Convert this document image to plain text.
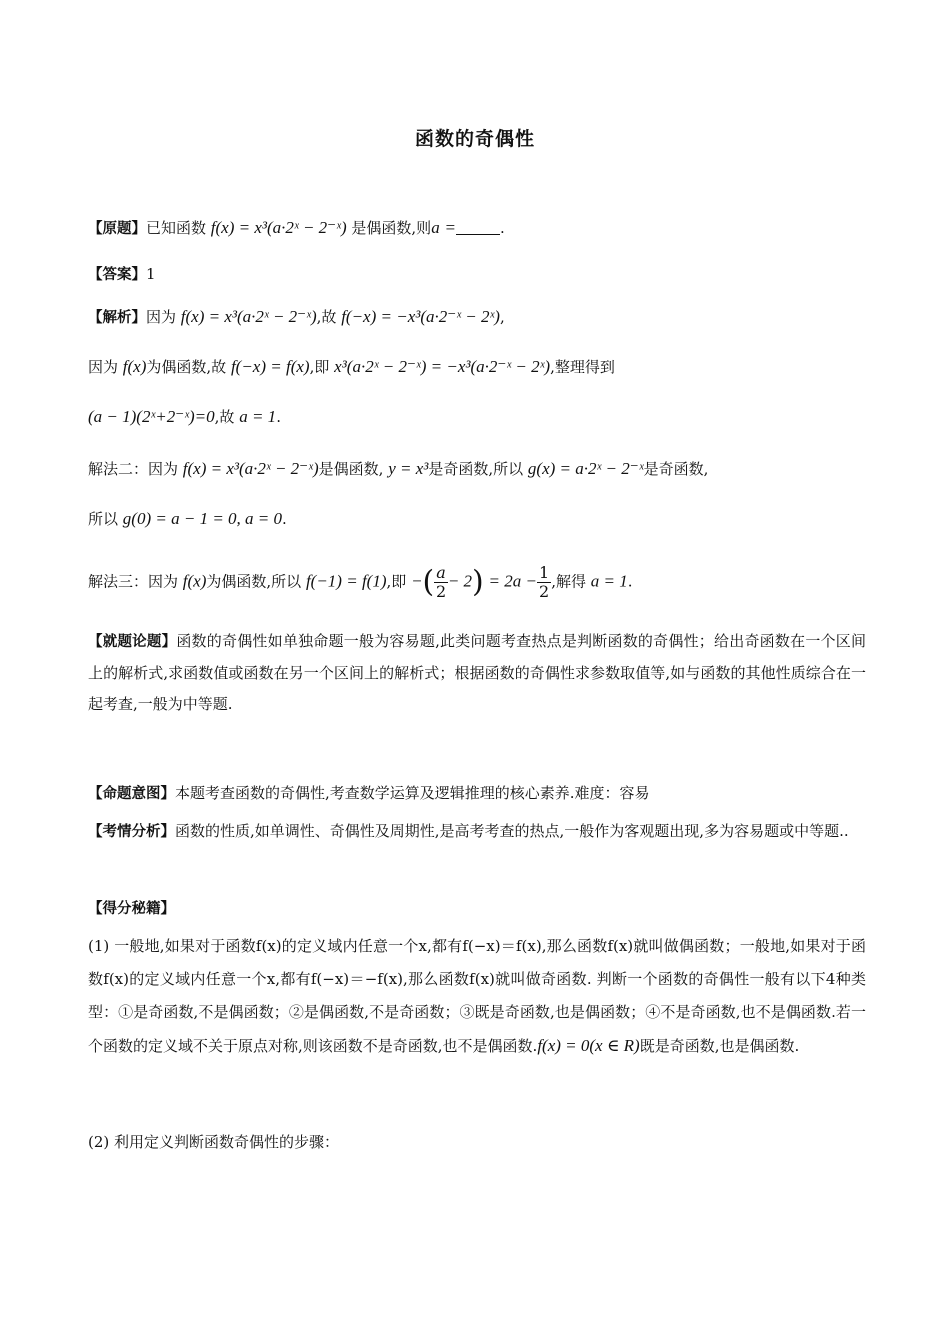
函数的奇偶性
【原题】已知函数 f(x) = x³(a·2ˣ − 2⁻ˣ) 是偶函数,则a =	.
【答案】1
【解析】因为 f(x) = x³(a·2ˣ − 2⁻ˣ),故 f(−x) = −x³(a·2⁻ˣ − 2ˣ),
因为 f(x)为偶函数,故 f(−x) = f(x),即 x³(a·2ˣ − 2⁻ˣ) = −x³(a·2⁻ˣ − 2ˣ),整理得到
(a − 1)(2ˣ+2⁻ˣ)=0,故 a = 1.
解法二：因为 f(x) = x³(a·2ˣ − 2⁻ˣ)是偶函数, y = x³是奇函数,所以 g(x) = a·2ˣ − 2⁻ˣ是奇函数,
所以 g(0) = a − 1 = 0, a = 0.
解法三：因为 f(x)为偶函数,所以 f(−1) = f(1),即 −( $\frac{a}{2} - 2) = 2a - \frac{1}{2}$ ,解得 a = 1.
【就题论题】函数的奇偶性如单独命题一般为容易题,此类问题考查热点是判断函数的奇偶性；给出奇函数在一个区间上的解析式,求函数值或函数在另一个区间上的解析式；根据函数的奇偶性求参数取值等,如与函数的其他性质综合在一起考查,一般为中等题.
【命题意图】本题考查函数的奇偶性,考查数学运算及逻辑推理的核心素养.难度：容易
【考情分析】函数的性质,如单调性、奇偶性及周期性,是高考考查的热点,一般作为客观题出现,多为容易题或中等题..
【得分秘籍】
(1) 一般地,如果对于函数f(x)的定义域内任意一个x,都有f(−x)＝f(x),那么函数f(x)就叫做偶函数；一般地,如果对于函数f(x)的定义域内任意一个x,都有f(−x)＝−f(x),那么函数f(x)就叫做奇函数. 判断一个函数的奇偶性一般有以下4种类型：①是奇函数,不是偶函数；②是偶函数,不是奇函数；③既是奇函数,也是偶函数；④不是奇函数,也不是偶函数.若一个函数的定义域不关于原点对称,则该函数不是奇函数,也不是偶函数.f(x) = 0(x ∈ R)既是奇函数,也是偶函数.
(2) 利用定义判断函数奇偶性的步骤：
